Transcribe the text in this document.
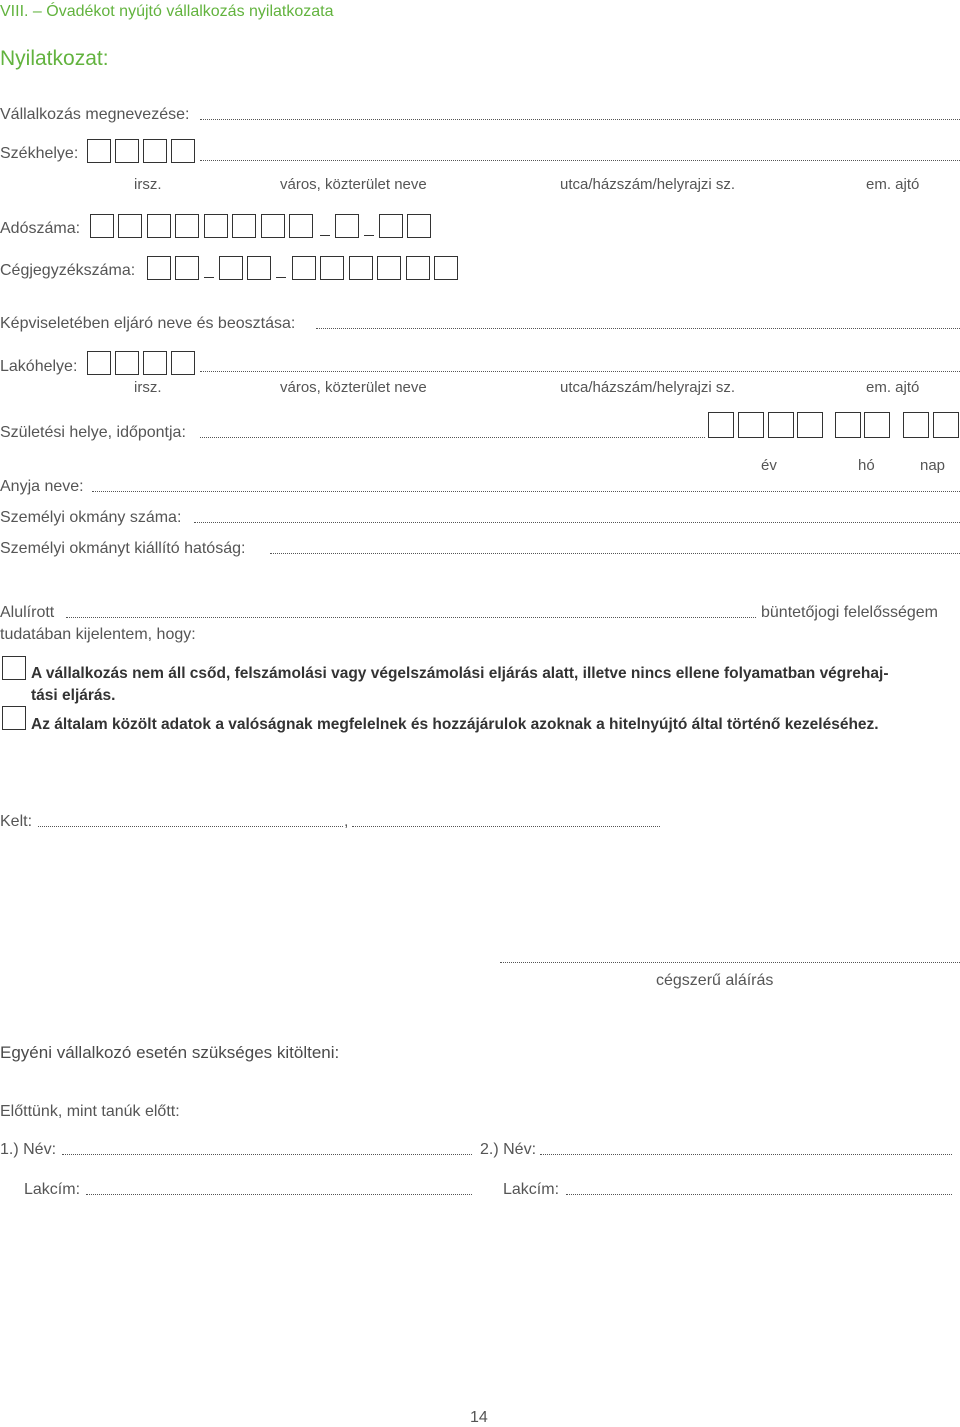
VIII. – Óvadékot nyújtó vállalkozás nyilatkozata
Nyilatkozat:
Vállalkozás megnevezése:
Székhelye:
irsz.	város, közterület neve	utca/házszám/helyrajzi sz.	em. ajtó
Adószáma:
Cégjegyzékszáma:
Képviseletében eljáró neve és beosztása:
Lakóhelye:
irsz.	város, közterület neve	utca/házszám/helyrajzi sz.	em. ajtó
Születési helye, időpontja:
év	hó	nap
Anyja neve:
Személyi okmány száma:
Személyi okmányt kiállító hatóság:
Alulírott	büntetőjogi felelősségem
tudatában kijelentem, hogy:
A vállalkozás nem áll csőd, felszámolási vagy végelszámolási eljárás alatt, illetve nincs ellene folyamatban végrehaj-
tási eljárás.
Az általam közölt adatok a valóságnak megfelelnek és hozzájárulok azoknak a hitelnyújtó által történő kezeléséhez.
Kelt:	,
cégszerű aláírás
Egyéni vállalkozó esetén szükséges kitölteni:
Előttünk, mint tanúk előtt:
1.) Név:	2.) Név:
Lakcím:	Lakcím:
14
